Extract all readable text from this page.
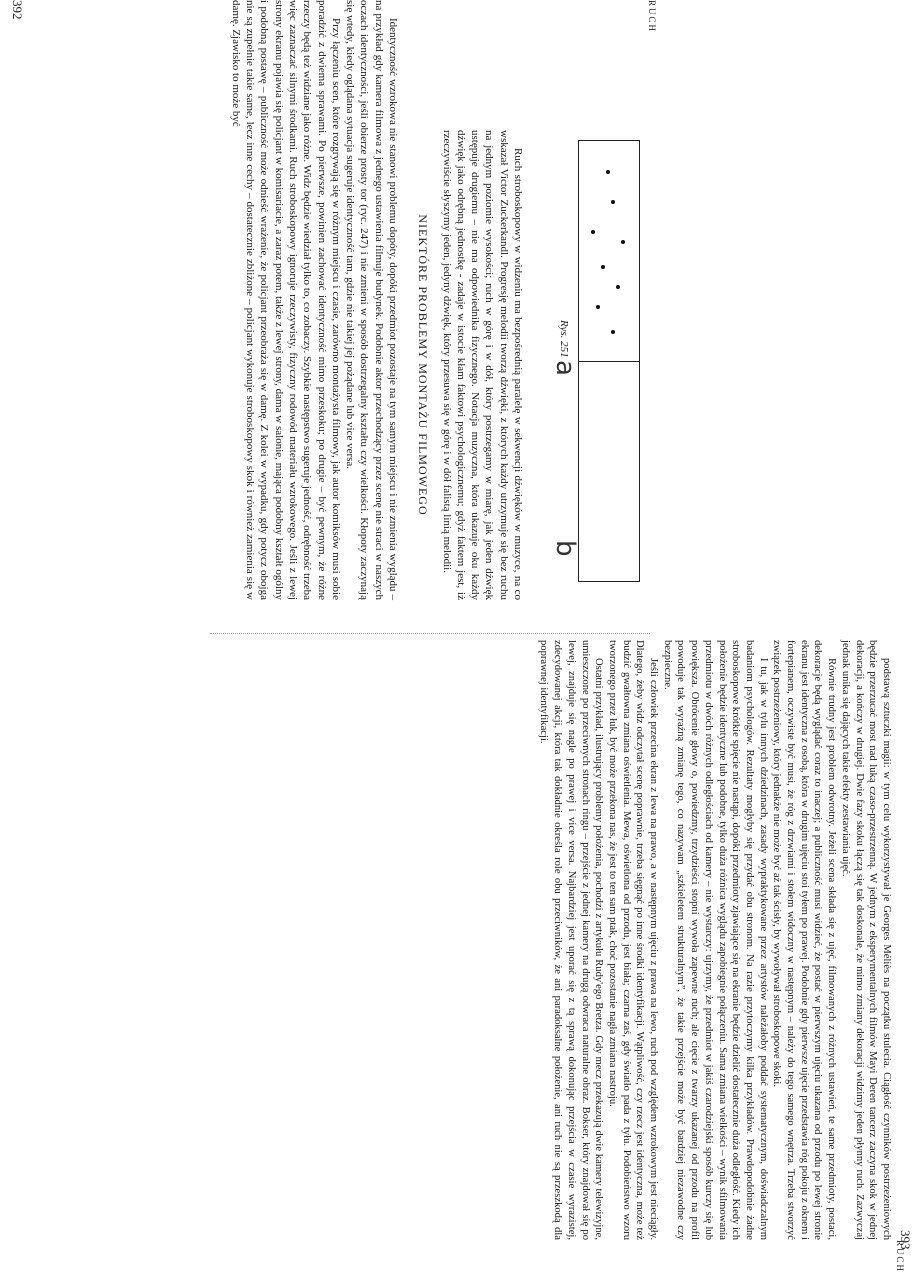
RUCH
392
Rys. 251
a
b

Ruch stroboskopowy w widzeniu ma bezpośrednią paralelę w sekwencji dźwięków w muzyce, na co wskazał Victor Zuckerkandl. Progresję melodii tworzą dźwięki, z których każdy utrzymuje się bez ruchu na jednym poziomie wysokości; ruch w górę i w dół, który postrzegamy w miarę, jak jeden dźwięk ustępuje drugiemu – nie ma odpowiednika fizycznego. Notacja muzyczna, która ukazuje oku każdy dźwięk jako odrębną jednostkę - zadaje w istocie kłam faktowi psychologicznemu; gdyż faktem jest, iż rzeczywiście słyszymy jeden, jedyny dźwięk, który przesuwa się w górę i w dół falistą linią melodii.

NIEKTÓRE PROBLEMY MONTAŻU FILMOWEGO

Identyczność wzrokowa nie stanowi problemu dopóty, dopóki przedmiot pozostaje na tym samym miejscu i nie zmienia wyglądu – na przykład gdy kamera filmowa z jednego ustawienia filmuje budynek. Podobnie aktor przechodzący przez scenę nie straci w naszych oczach identyczności, jeśli obierze prosty tor (ryc. 247) i nie zmieni w sposób dostrzegalny kształtu czy wielkości. Kłopoty zaczynają się wtedy, kiedy oglądana sytuacja sugeruje identyczność tam, gdzie nie takiej jej pożądane lub vice versa.

Przy łączeniu scen, które rozgrywają się w różnym miejscu i czasie, zarówno montażysta filmowy, jak autor komiksów musi sobie poradzić z dwiema sprawami. Po pierwsze, powinien zachować identyczność mimo przeskoku; po drugie – być pewnym, że różne rzeczy będą też widziane jako różne. Widz będzie wiedział tylko to, co zobaczy. Szybkie następstwo sugeruje jedność, odrębność trzeba więc zaznaczać silnymi środkami. Ruch stroboskopowy ignoruje rzeczywisty, fizyczny rodowód materiału wzrokowego. Jeśli z lewej strony ekranu pojawia się policjant w komisariacie, a zaraz potem, także z lewej strony, dama w salonie, mająca podobny kształt ogólny i podobną postawę – publiczność może odnieść wrażenie, że policjant przeobraża się w damę. Z kolei w wypadku, gdy potycz obojga nie są zupełnie takie same, lecz inne cechy – dostatecznie zbliżone – policjant wykonuje stroboskopowy skok i również zamienia się w damę. Zjawisko to może być

RUCH
393

podstawą sztuczki magii: w tym celu wykorzystywał je Georges Méliès na początku stulecia. Ciągłość czynników postrzeżeniowych będzie przerzucać most nad luką czaso-przestrzenną. W jednym z eksperymentalnych filmów Mayi Deren tancerz zaczyna skok w jednej dekoracji, a kończy w drugiej. Dwie fazy skoku łączą się tak doskonale, że mimo zmiany dekoracji widzimy jeden płynny ruch. Zazwyczaj jednak unika się dających takie efekty zestawiania ujęć.

Równie trudny jest problem odwrotny. Jeżeli scena składa się z ujęć, filmowanych z różnych ustawień, te same przedmioty, postaci, dekoracje będą wyglądać coraz to inaczej; a publiczność musi widzieć, że postać w pierwszym ujęciu ukazana od przodu po lewej stronie ekranu jest identyczna z osobą, która w drugim ujęciu stoi tyłem po prawej. Podobnie gdy pierwsze ujęcie przedstawia róg pokoju z oknem i fortepianem, oczywiste być musi, że róg z drzwiami i stołem widoczny w następnym – należy do tego samego wnętrza. Trzeba stworzyć związek postrzeżeniowy, który jednakże nie może być aż tak ścisły, by wywoływał stroboskopowe skoki.

I tu, jak w tylu innych dziedzinach, zasady wypraktykowane przez artystów należałoby poddać systematycznym, doświadczalnym badaniom psychologów. Rezultaty mogłyby się przydać obu stronom. Na razie przytoczymy kilka przykładów. Prawdopodobnie żadne stroboskopowe krótkie spięcie nie nastąpi, dopóki przedmioty zjawiające się na ekranie będzie dzielić dostatecznie duża odległość. Kiedy ich położenie będzie identyczne lub podobne, tylko duża różnica wyglądu zapobiegnie połączeniu. Sama zmiana wielkości – wynik sfilmowania przedmiotu w dwóch różnych odległościach od kamery – nie wystarczy: ujrzymy, że przedmiot w jakiś czarodziejski sposób kurczy się lub powiększa. Obrócenie głowy o, powiedzmy, trzydzieści stopni wywoła zapewne ruch; ale cięcie z twarzy ukazanej od przodu na profil powoduje tak wyraźną zmianę tego, co nazywam „szkieletem strukturalnym”, że takie przejście może być bardziej niezawodne czy bezpieczne.

Jeśli człowiek przecina ekran z lewa na prawo, a w następnym ujęciu z prawa na lewo, ruch pod względem wzrokowym jest nieciągły. Dlatego, żeby widz odczytał scenę poprawnie, trzeba sięgnąć po inne środki identyfikacji. Wątpliwość, czy rzecz jest identyczna, może też budzić gwałtowna zmiana oświetlenia. Mewa, oświetlona od przodu, jest biała; czarna zaś, gdy światło pada z tyłu. Podobieństwo wzoru tworzonego przez łuk, być może przekona nas, że jest to ten sam ptak, choć pozostanie nagła zmiana nastroju.

Ostatni przykład, ilustrujący problemy położenia, pochodzi z artykułu Rudy'ego Bretza. Gdy mecz przekazują dwie kamery telewizyjne, umieszczone po przeciwnych stronach ringu – przejście z jednej kamery na drugą odwraca naturalne obraz. Bokser, który znajdował się po lewej, znajduje się nagle po prawej i vice versa. Najbardziej jest uporać się z tą sprawą dokonując przejścia w czasie wyrazistej, zdecydowanej akcji, która tak dokładnie określa role obu przeciwników, że ani paradoksalne położenie, ani ruch nie są przeszkodą dla poprawnej identyfikacji.
